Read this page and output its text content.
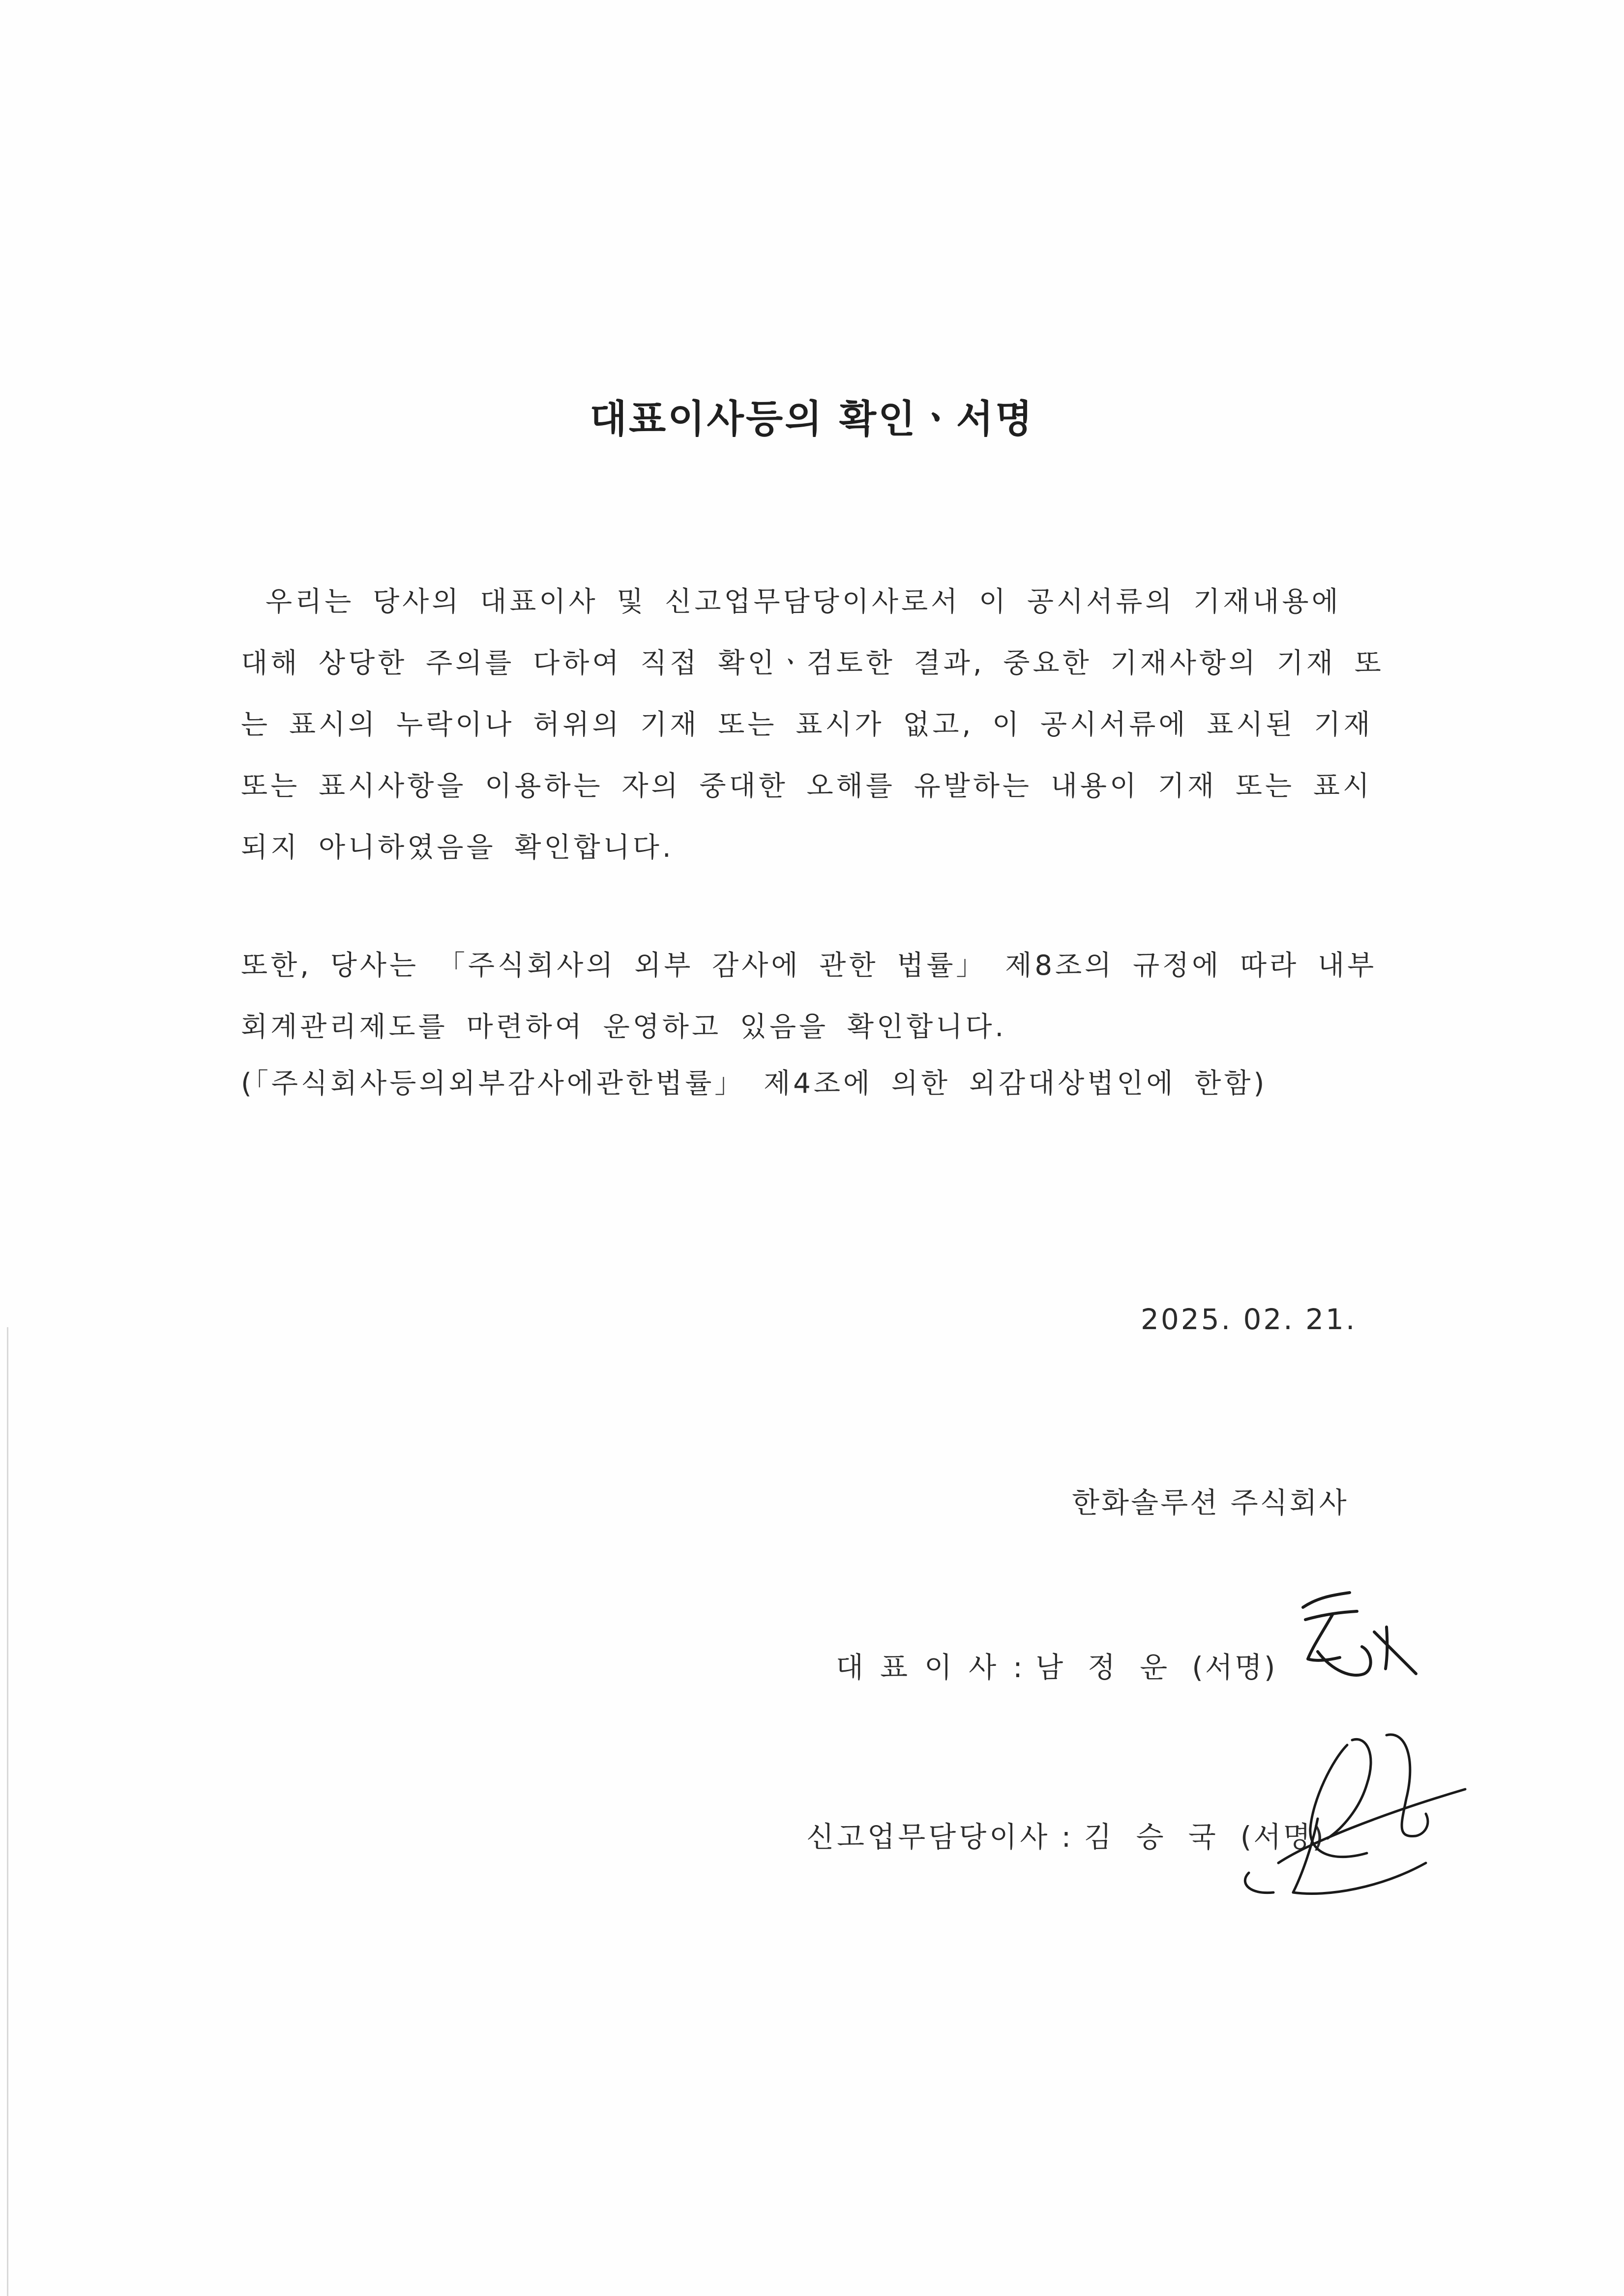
대표이사등의 확인ㆍ서명
우리는 당사의 대표이사 및 신고업무담당이사로서 이 공시서류의 기재내용에
대해 상당한 주의를 다하여 직접 확인ㆍ검토한 결과, 중요한 기재사항의 기재 또
는 표시의 누락이나 허위의 기재 또는 표시가 없고, 이 공시서류에 표시된 기재
또는 표시사항을 이용하는 자의 중대한 오해를 유발하는 내용이 기재 또는 표시
되지 아니하였음을 확인합니다.
또한, 당사는 「주식회사의 외부 감사에 관한 법률」 제8조의 규정에 따라 내부
회계관리제도를 마련하여 운영하고 있음을 확인합니다.
(「주식회사등의외부감사에관한법률」 제4조에 의한 외감대상법인에 한함)
2025. 02. 21.
한화솔루션 주식회사
대표이사: 남정운(서명)
신고업무담당이사 : 김승국(서명)
